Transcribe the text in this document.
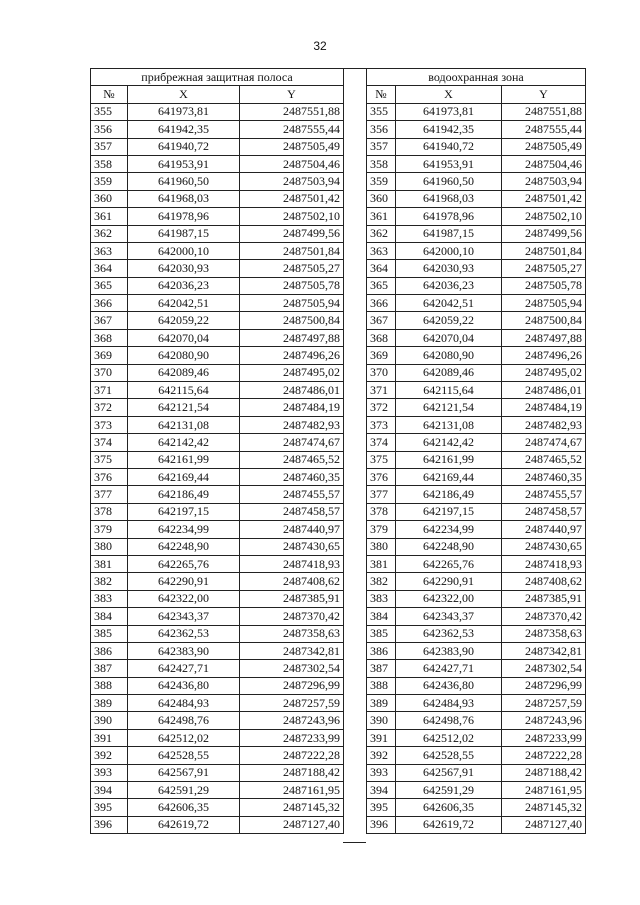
32
прибрежная защитная полоса		
№	X	Y
355	641973,81	2487551,88
356	641942,35	2487555,44
357	641940,72	2487505,49
358	641953,91	2487504,46
359	641960,50	2487503,94
360	641968,03	2487501,42
361	641978,96	2487502,10
362	641987,15	2487499,56
363	642000,10	2487501,84
364	642030,93	2487505,27
365	642036,23	2487505,78
366	642042,51	2487505,94
367	642059,22	2487500,84
368	642070,04	2487497,88
369	642080,90	2487496,26
370	642089,46	2487495,02
371	642115,64	2487486,01
372	642121,54	2487484,19
373	642131,08	2487482,93
374	642142,42	2487474,67
375	642161,99	2487465,52
376	642169,44	2487460,35
377	642186,49	2487455,57
378	642197,15	2487458,57
379	642234,99	2487440,97
380	642248,90	2487430,65
381	642265,76	2487418,93
382	642290,91	2487408,62
383	642322,00	2487385,91
384	642343,37	2487370,42
385	642362,53	2487358,63
386	642383,90	2487342,81
387	642427,71	2487302,54
388	642436,80	2487296,99
389	642484,93	2487257,59
390	642498,76	2487243,96
391	642512,02	2487233,99
392	642528,55	2487222,28
393	642567,91	2487188,42
394	642591,29	2487161,95
395	642606,35	2487145,32
396	642619,72	2487127,40
водоохранная зона		
№	X	Y
355	641973,81	2487551,88
356	641942,35	2487555,44
357	641940,72	2487505,49
358	641953,91	2487504,46
359	641960,50	2487503,94
360	641968,03	2487501,42
361	641978,96	2487502,10
362	641987,15	2487499,56
363	642000,10	2487501,84
364	642030,93	2487505,27
365	642036,23	2487505,78
366	642042,51	2487505,94
367	642059,22	2487500,84
368	642070,04	2487497,88
369	642080,90	2487496,26
370	642089,46	2487495,02
371	642115,64	2487486,01
372	642121,54	2487484,19
373	642131,08	2487482,93
374	642142,42	2487474,67
375	642161,99	2487465,52
376	642169,44	2487460,35
377	642186,49	2487455,57
378	642197,15	2487458,57
379	642234,99	2487440,97
380	642248,90	2487430,65
381	642265,76	2487418,93
382	642290,91	2487408,62
383	642322,00	2487385,91
384	642343,37	2487370,42
385	642362,53	2487358,63
386	642383,90	2487342,81
387	642427,71	2487302,54
388	642436,80	2487296,99
389	642484,93	2487257,59
390	642498,76	2487243,96
391	642512,02	2487233,99
392	642528,55	2487222,28
393	642567,91	2487188,42
394	642591,29	2487161,95
395	642606,35	2487145,32
396	642619,72	2487127,40
